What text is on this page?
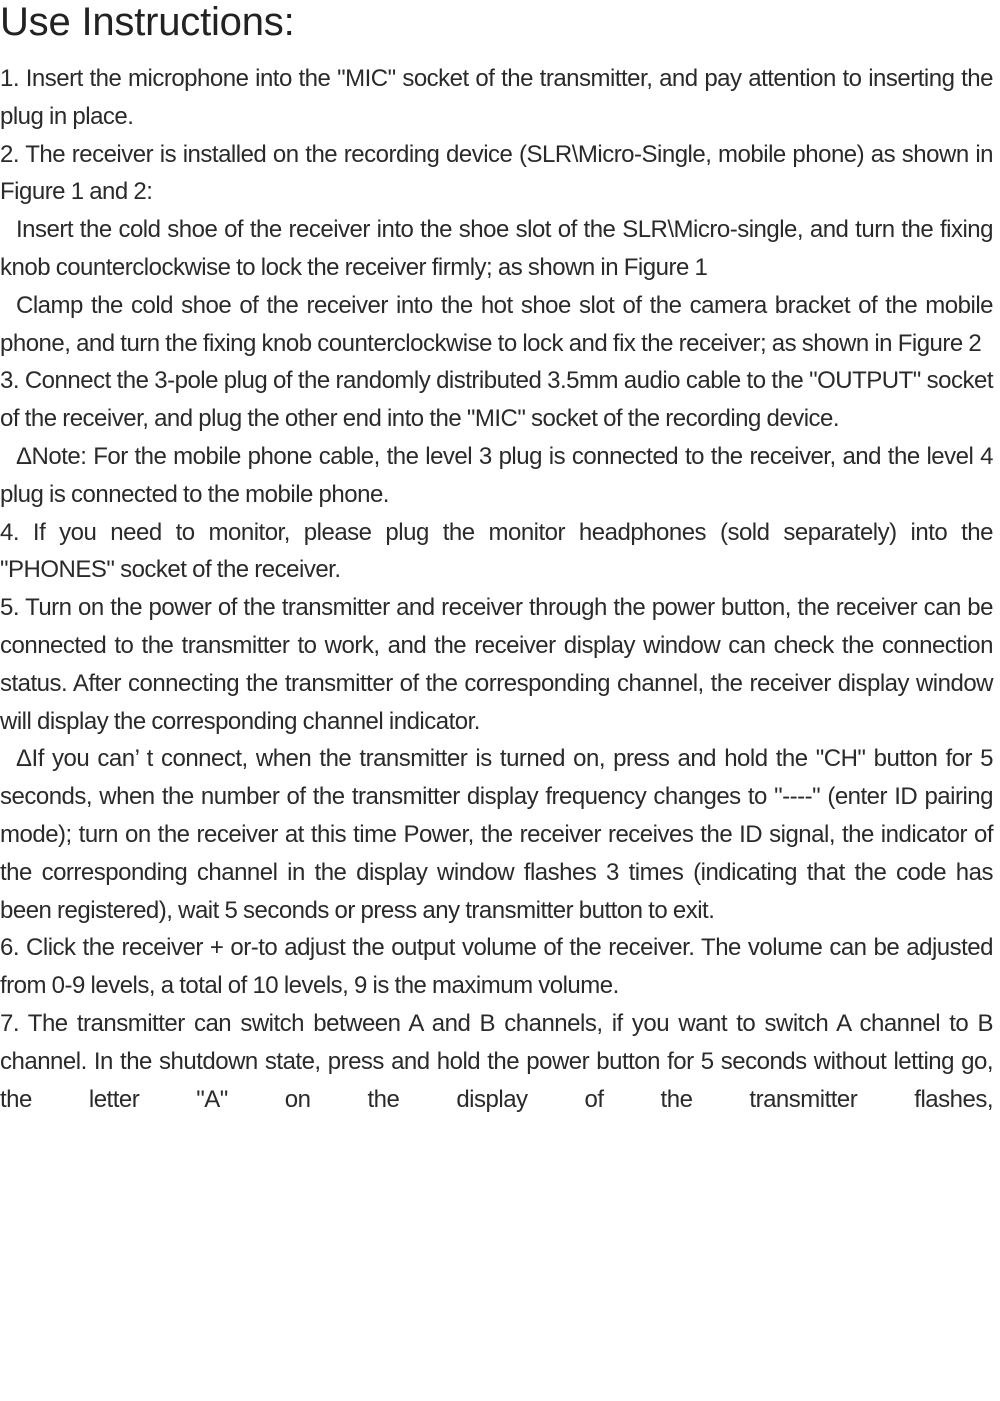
Use Instructions:

1. Insert the microphone into the "MIC" socket of the transmitter, and pay attention to inserting the plug in place.

2. The receiver is installed on the recording device (SLR\Micro-Single, mobile phone) as shown in Figure 1 and 2:

Insert the cold shoe of the receiver into the shoe slot of the SLR\Micro-single, and turn the fixing knob counterclockwise to lock the receiver firmly; as shown in Figure 1

Clamp the cold shoe of the receiver into the hot shoe slot of the camera bracket of the mobile phone, and turn the fixing knob counterclockwise to lock and fix the receiver; as shown in Figure 2

3. Connect the 3-pole plug of the randomly distributed 3.5mm audio cable to the "OUTPUT" socket of the receiver, and plug the other end into the "MIC" socket of the recording device.

ΔNote: For the mobile phone cable, the level 3 plug is connected to the receiver, and the level 4 plug is connected to the mobile phone.

4. If you need to monitor, please plug the monitor headphones (sold separately) into the "PHONES" socket of the receiver.

5. Turn on the power of the transmitter and receiver through the power button, the receiver can be connected to the transmitter to work, and the receiver display window can check the connection status. After connecting the transmitter of the corresponding channel, the receiver display window will display the corresponding channel indicator.

ΔIf you can’ t connect, when the transmitter is turned on, press and hold the "CH" button for 5 seconds, when the number of the transmitter display frequency changes to "----" (enter ID pairing mode); turn on the receiver at this time Power, the receiver receives the ID signal, the indicator of the corresponding channel in the display window flashes 3 times (indicating that the code has been registered), wait 5 seconds or press any transmitter button to exit.

6. Click the receiver + or-to adjust the output volume of the receiver. The volume can be adjusted from 0-9 levels, a total of 10 levels, 9 is the maximum volume.

7. The transmitter can switch between A and B channels, if you want to switch A channel to B channel. In the shutdown state, press and hold the power button for 5 seconds without letting go, the letter "A" on the display of the transmitter flashes,
